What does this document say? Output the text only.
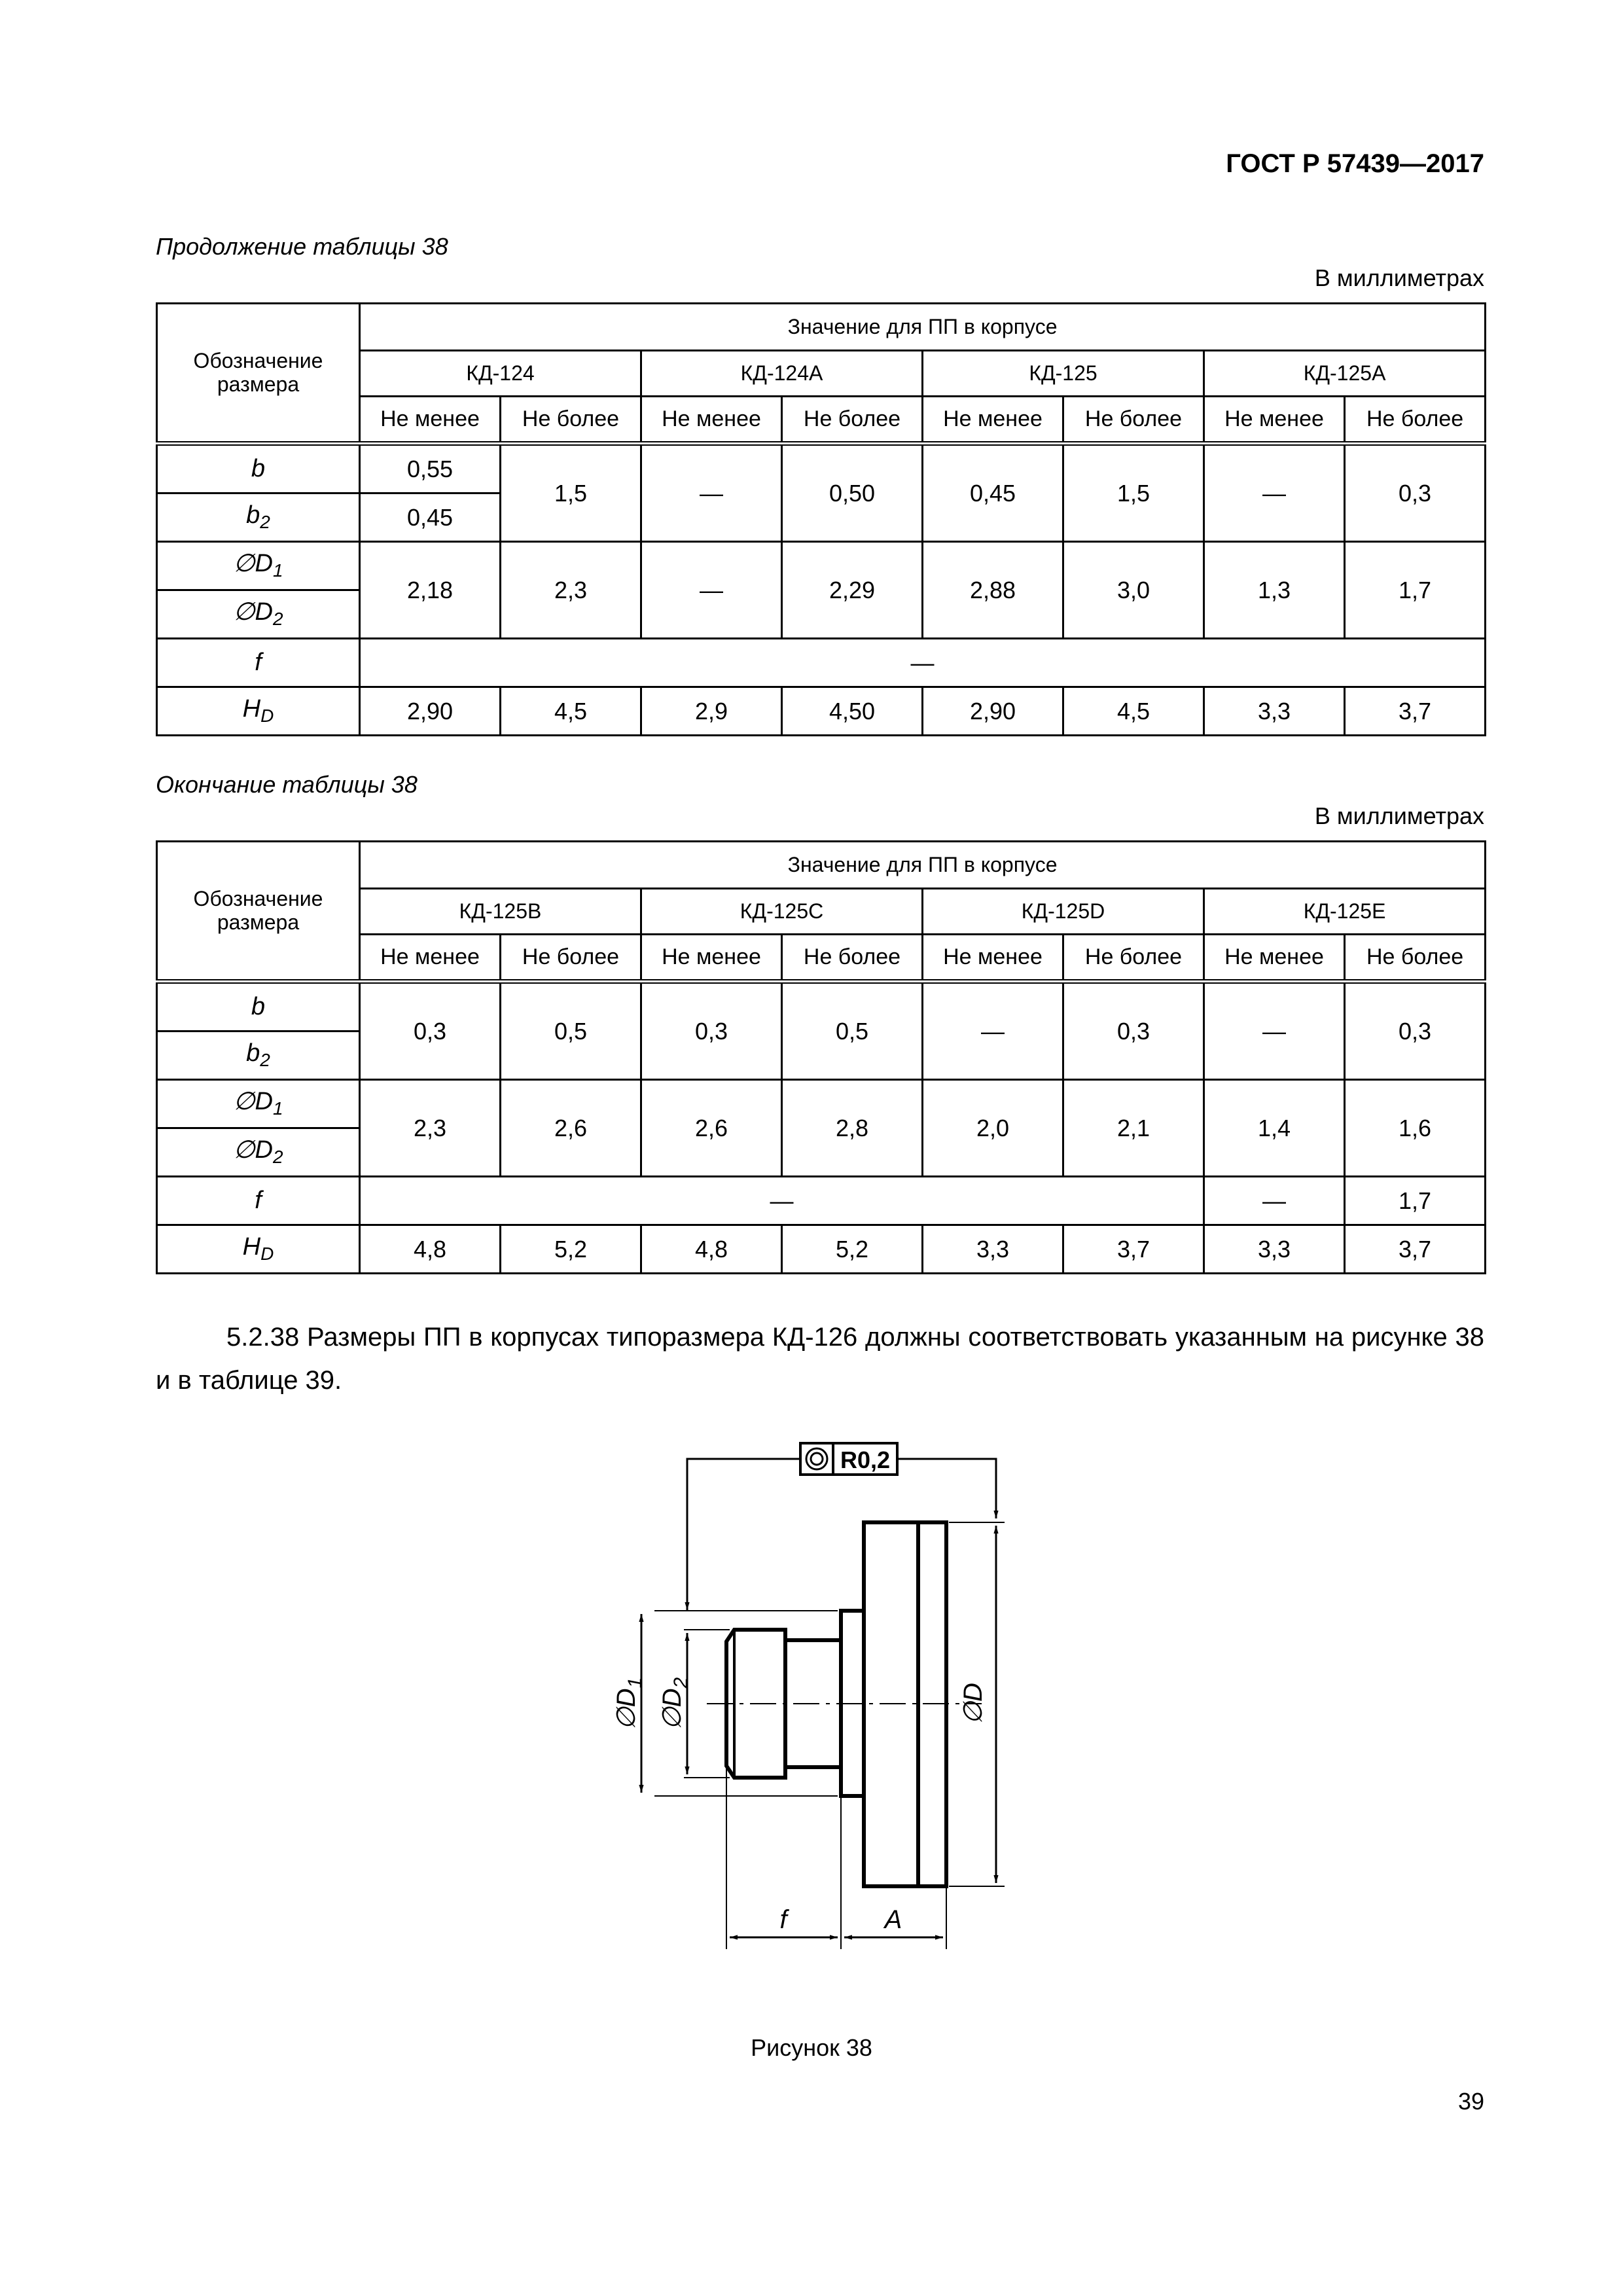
ГОСТ Р 57439—2017
Продолжение таблицы 38
В миллиметрах
Обозначение размера	Значение для ПП в корпусе							
	КД-124		КД-124А		КД-125		КД-125А	
	Не менее	Не более	Не менее	Не более	Не менее	Не более	Не менее	Не более
b	0,55	1,5	—	0,50	0,45	1,5	—	0,3
$b_2$	0,45							
$\emptyset D_1$	2,18	2,3	—	2,29	2,88	3,0	1,3	1,7
$\emptyset D_2$
f	—							
$H_D$	2,90	4,5	2,9	4,50	2,90	4,5	3,3	3,7
Окончание таблицы 38
В миллиметрах
Обозначение размера	Значение для ПП в корпусе							
	КД-125В		КД-125С		КД-125D		КД-125Е	
	Не менее	Не более	Не менее	Не более	Не менее	Не более	Не менее	Не более
b	0,3	0,5	0,3	0,5	—	0,3	—	0,3
$b_2$
$\emptyset D_1$	2,3	2,6	2,6	2,8	2,0	2,1	1,4	1,6
$\emptyset D_2$
f	—						—	1,7
$H_D$	4,8	5,2	4,8	5,2	3,3	3,7	3,3	3,7
5.2.38 Размеры ПП в корпусах типоразмера КД-126 должны соответствовать указанным на рисунке 38 и в таблице 39.
R0,2
$\emptyset D_1$
$\emptyset D_2$	∅D
f	A
Рисунок 38
39
